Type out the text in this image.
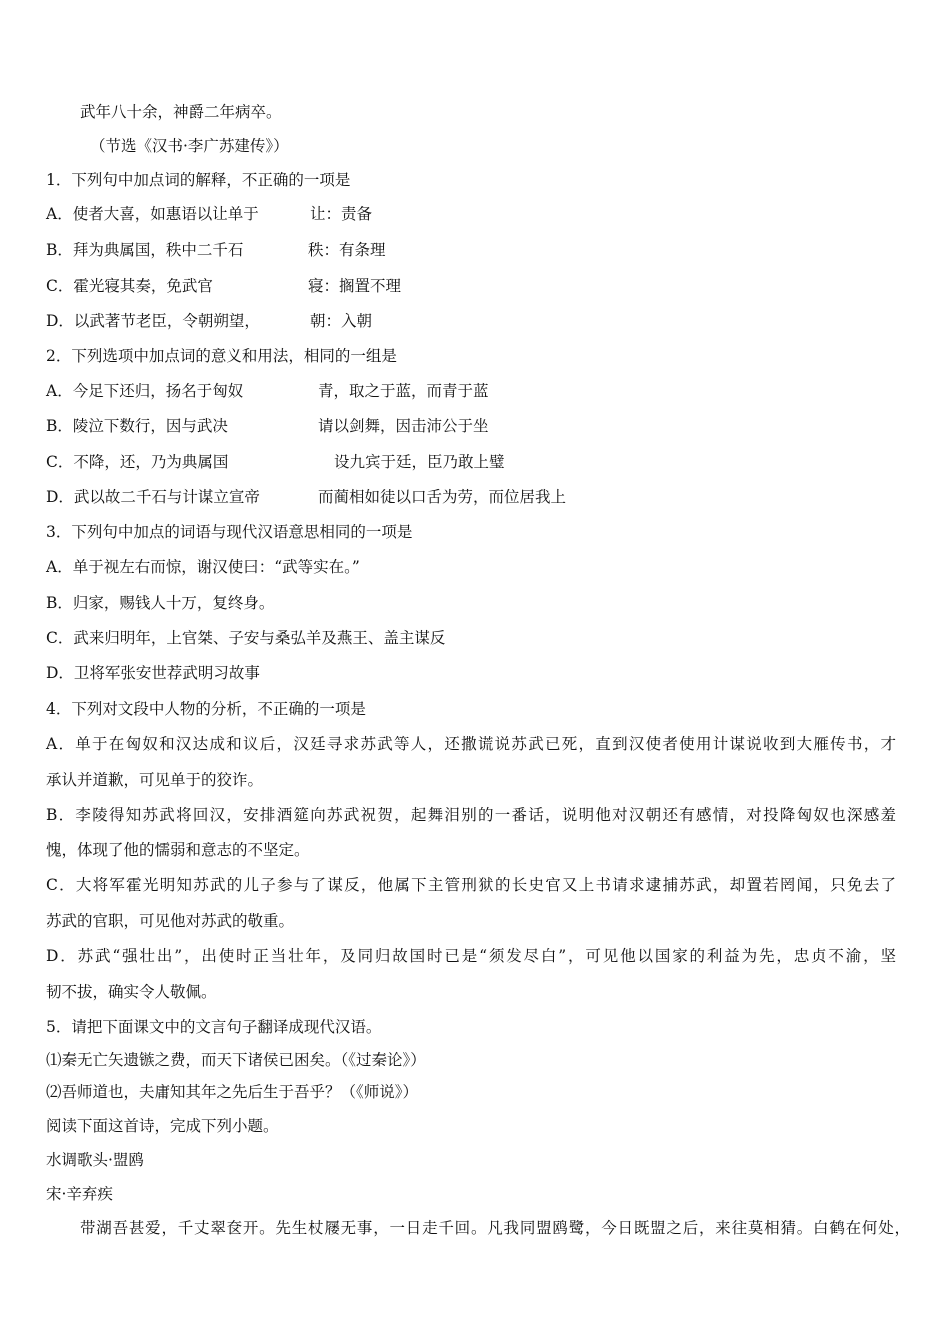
武年八十余，神爵二年病卒。
（节选《汉书·李广苏建传》）
1．下列句中加点词的解释，不正确的一项是
A．使者大喜，如惠语以让单于	让：责备
B．拜为典属国，秩中二千石	秩：有条理
C．霍光寝其奏，免武官	寝：搁置不理
D．以武著节老臣，令朝朔望，	朝：入朝
2．下列选项中加点词的意义和用法，相同的一组是
A．今足下还归，扬名于匈奴	青，取之于蓝，而青于蓝
B．陵泣下数行，因与武决	请以剑舞，因击沛公于坐
C．不降，还，乃为典属国	设九宾于廷，臣乃敢上璧
D．武以故二千石与计谋立宣帝	而蔺相如徒以口舌为劳，而位居我上
3．下列句中加点的词语与现代汉语意思相同的一项是
A．单于视左右而惊，谢汉使曰：“武等实在。”
B．归家，赐钱人十万，复终身。
C．武来归明年，上官桀、子安与桑弘羊及燕王、盖主谋反
D．卫将军张安世荐武明习故事
4．下列对文段中人物的分析，不正确的一项是
A．单于在匈奴和汉达成和议后，汉廷寻求苏武等人，还撒谎说苏武已死，直到汉使者使用计谋说收到大雁传书，才
承认并道歉，可见单于的狡诈。
B．李陵得知苏武将回汉，安排酒筵向苏武祝贺，起舞泪别的一番话，说明他对汉朝还有感情，对投降匈奴也深感羞
愧，体现了他的懦弱和意志的不坚定。
C．大将军霍光明知苏武的儿子参与了谋反，他属下主管刑狱的长史官又上书请求逮捕苏武，却置若罔闻，只免去了
苏武的官职，可见他对苏武的敬重。
D．苏武“强壮出”，出使时正当壮年，及同归故国时已是“须发尽白”，可见他以国家的利益为先，忠贞不渝，坚
韧不拔，确实令人敬佩。
5．请把下面课文中的文言句子翻译成现代汉语。
⑴秦无亡矢遗镞之费，而天下诸侯已困矣。（《过秦论》）
⑵吾师道也，夫庸知其年之先后生于吾乎？（《师说》）
阅读下面这首诗，完成下列小题。
水调歌头·盟鸥
宋·辛弃疾
带湖吾甚爱，千丈翠奁开。先生杖屦无事，一日走千回。凡我同盟鸥鹭，今日既盟之后，来往莫相猜。白鹤在何处，
